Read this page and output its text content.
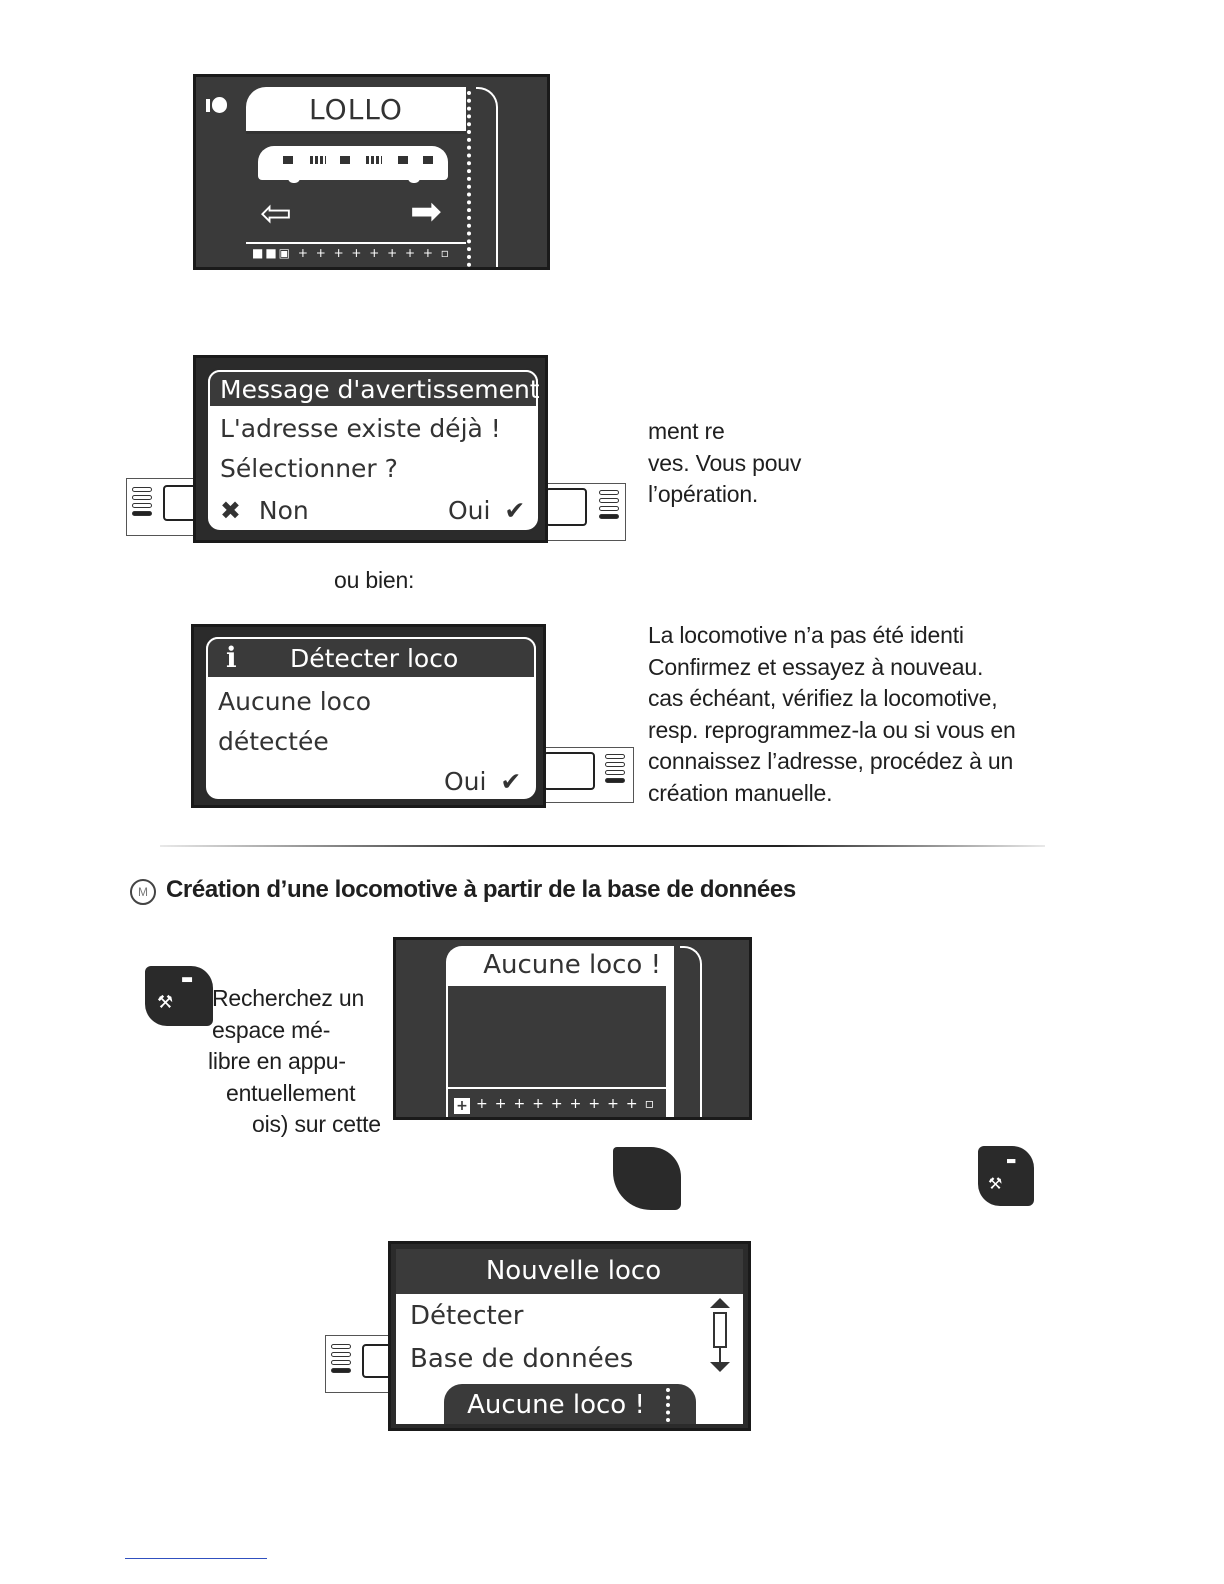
LOLLO
⇦	➡
■■▣ + + + + + + + + ▫
Message d'avertissement
L'adresse existe déjà !
Sélectionner ?
✖ Non	Oui ✔
ment re
ves. Vous pouv
l’opération.
ou bien:
i Détecter loco
Aucune loco
détectée
Oui ✔
La locomotive n’a pas été identi
Confirmez et essayez à nouveau.
cas échéant, vérifiez la locomotive,
resp. reprogrammez-la ou si vous en
connaissez l’adresse, procédez à un
création manuelle.
M Création d’une locomotive à partir de la base de données
▬
⚒ Recherchez un
espace mé-
libre en appu-
entuellement
ois) sur cette
Aucune loco !
+ +++++++++▫
▬
⚒
Nouvelle loco
Détecter
Base de données
Aucune loco !
